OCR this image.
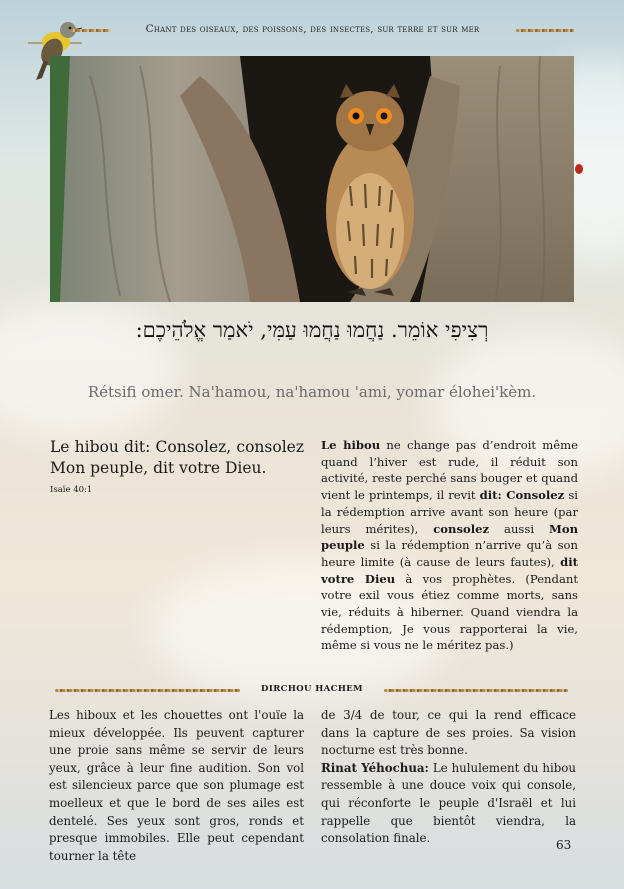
Chant des oiseaux, des poissons, des insectes, sur terre et sur mer
רְצִיפִי אוֹמֵר. נַחֲמוּ נַחֲמוּ עַמִּי, יֹאמַר אֱלֹהֵיכֶם:
Rétsifi omer. Na'hamou, na'hamou 'ami, yomar élohei'kèm.
Le hibou dit: Consolez, consolez Mon peuple, dit votre Dieu.
Isaïe 40:1
Le hibou ne change pas d’endroit même quand l’hiver est rude, il réduit son activité, reste perché sans bouger et quand vient le printemps, il revit dit: Consolez si la rédemption arrive avant son heure (par leurs mérites), consolez aussi Mon peuple si la rédemption n’arrive qu’à son heure limite (à cause de leurs fautes), dit votre Dieu à vos prophètes. (Pendant votre exil vous étiez comme morts, sans vie, réduits à hiberner. Quand viendra la rédemption, Je vous rapporterai la vie, même si vous ne le méritez pas.)
DIRCHOU HACHEM

Les hiboux et les chouettes ont l'ouïe la mieux développée. Ils peuvent capturer une proie sans même se servir de leurs yeux, grâce à leur fine audition. Son vol est silencieux parce que son plumage est moelleux et que le bord de ses ailes est dentelé. Ses yeux sont gros, ronds et presque immobiles. Elle peut cependant tourner la tête

de 3/4 de tour, ce qui la rend efficace dans la capture de ses proies. Sa vision nocturne est très bonne.

Rinat Yéhochua: Le hululement du hibou ressemble à une douce voix qui console, qui réconforte le peuple d'Israël et lui rappelle que bientôt viendra, la consolation finale.	63
